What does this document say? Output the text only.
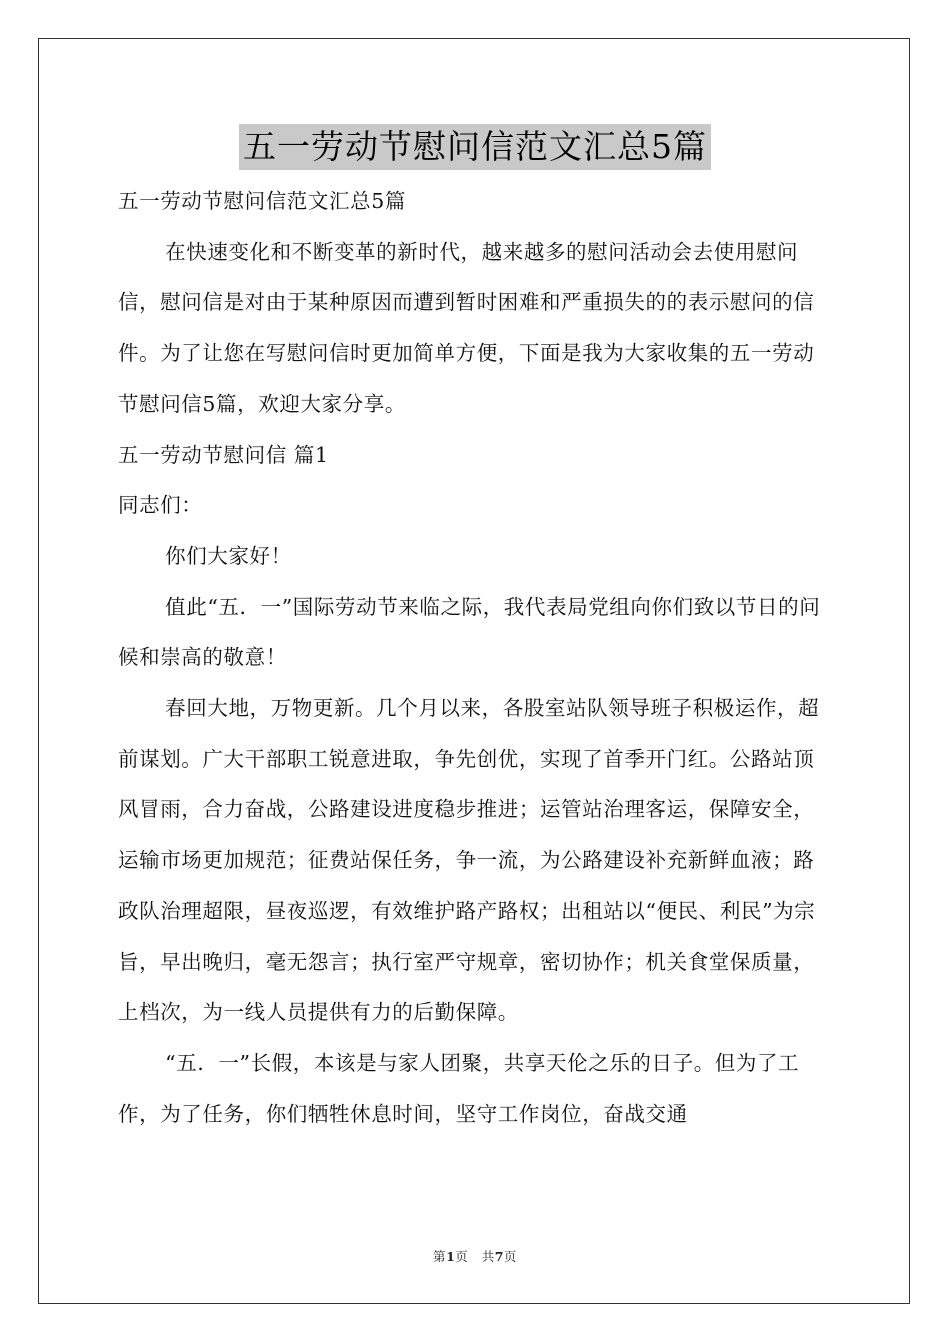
五一劳动节慰问信范文汇总5篇

五一劳动节慰问信范文汇总5篇

在快速变化和不断变革的新时代，越来越多的慰问活动会去使用慰问信，慰问信是对由于某种原因而遭到暂时困难和严重损失的的表示慰问的信件。为了让您在写慰问信时更加简单方便，下面是我为大家收集的五一劳动节慰问信5篇，欢迎大家分享。

五一劳动节慰问信 篇1

同志们：

你们大家好！

值此“五．一”国际劳动节来临之际，我代表局党组向你们致以节日的问候和崇高的敬意！

春回大地，万物更新。几个月以来，各股室站队领导班子积极运作，超前谋划。广大干部职工锐意进取，争先创优，实现了首季开门红。公路站顶风冒雨，合力奋战，公路建设进度稳步推进；运管站治理客运，保障安全，运输市场更加规范；征费站保任务，争一流，为公路建设补充新鲜血液；路政队治理超限，昼夜巡逻，有效维护路产路权；出租站以“便民、利民”为宗旨，早出晚归，毫无怨言；执行室严守规章，密切协作；机关食堂保质量，上档次，为一线人员提供有力的后勤保障。

“五．一”长假，本该是与家人团聚，共享天伦之乐的日子。但为了工作，为了任务，你们牺牲休息时间，坚守工作岗位，奋战交通

第1页 共7页
